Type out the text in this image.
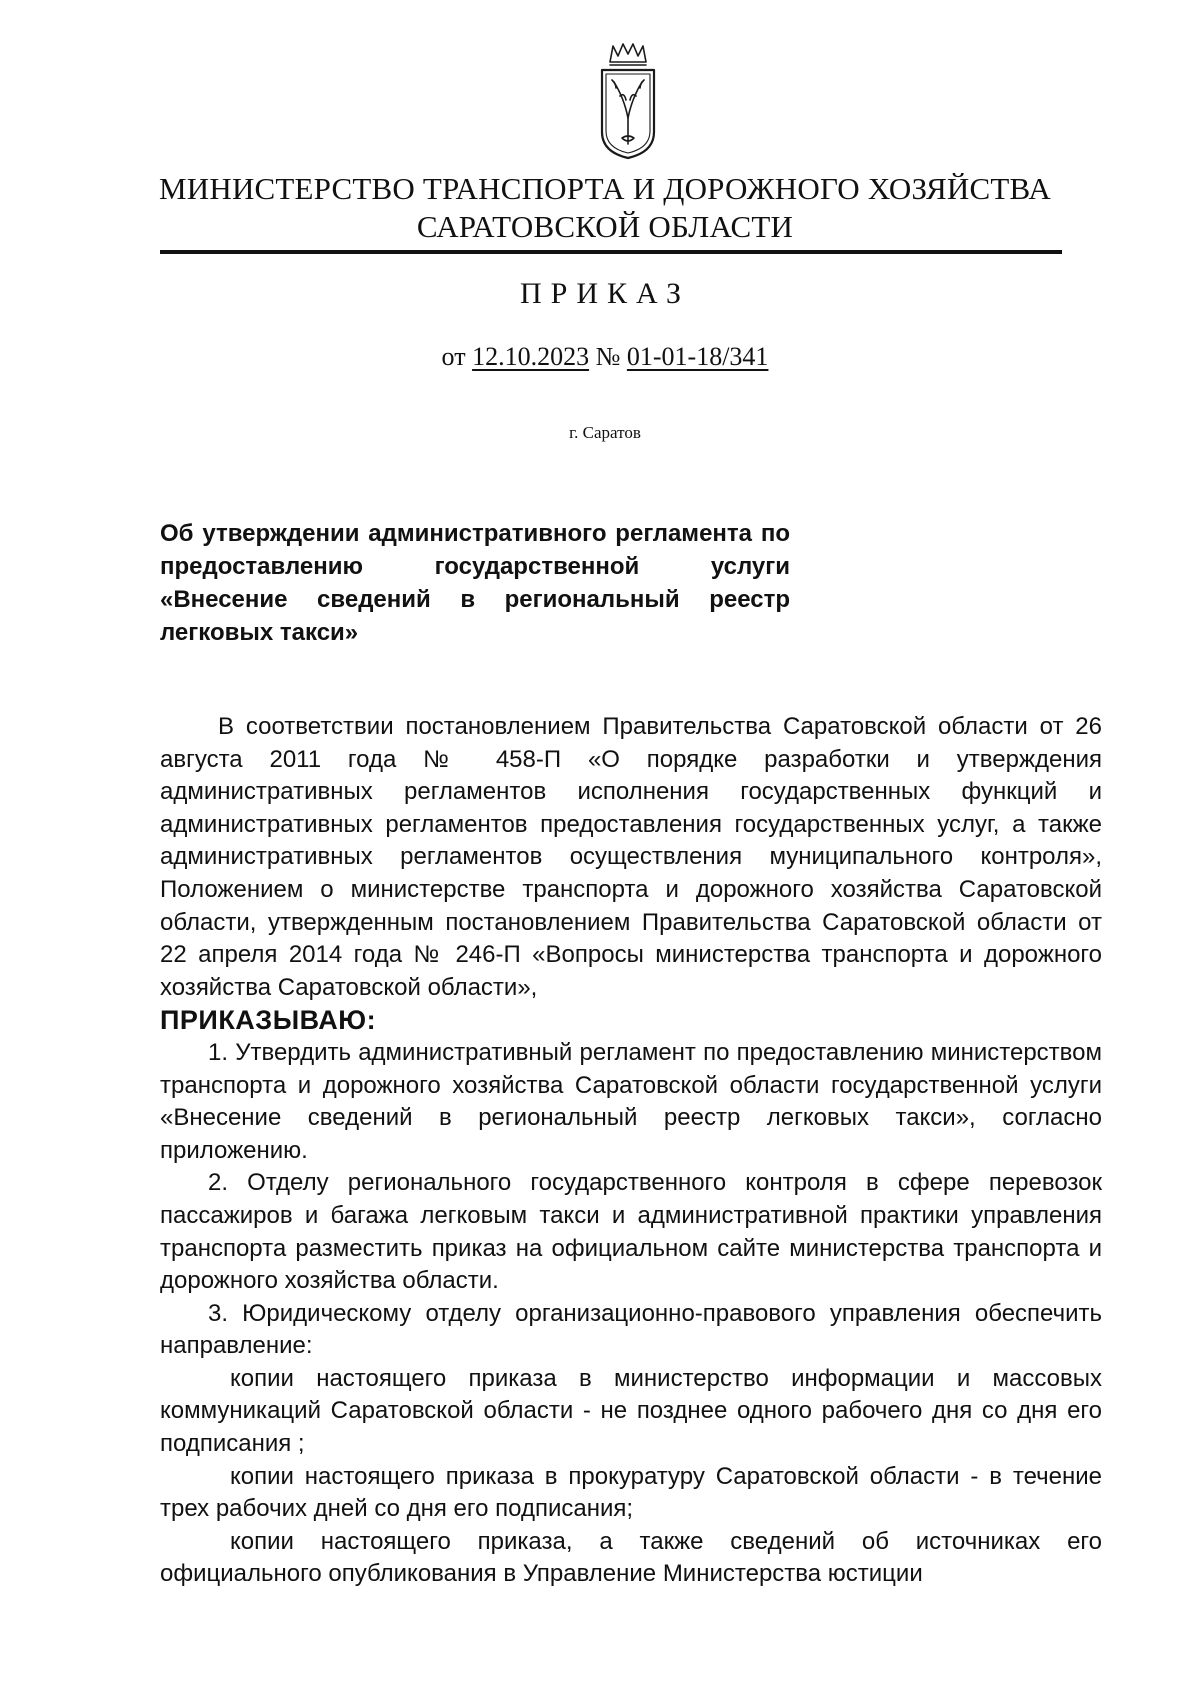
МИНИСТЕРСТВО ТРАНСПОРТА И ДОРОЖНОГО ХОЗЯЙСТВА
САРАТОВСКОЙ ОБЛАСТИ
ПРИКАЗ
от 12.10.2023 № 01-01-18/341
г. Саратов
Об утверждении административного регламента по предоставлению государственной услуги «Внесение сведений в региональный реестр легковых такси»

В соответствии постановлением Правительства Саратовской области от 26 августа 2011 года № 458-П «О порядке разработки и утверждения административных регламентов исполнения государственных функций и административных регламентов предоставления государственных услуг, а также административных регламентов осуществления муниципального контроля», Положением о министерстве транспорта и дорожного хозяйства Саратовской области, утвержденным постановлением Правительства Саратовской области от 22 апреля 2014 года № 246-П «Вопросы министерства транспорта и дорожного хозяйства Саратовской области»,

ПРИКАЗЫВАЮ:

1. Утвердить административный регламент по предоставлению министерством транспорта и дорожного хозяйства Саратовской области государственной услуги «Внесение сведений в региональный реестр легковых такси», согласно приложению.

2. Отделу регионального государственного контроля в сфере перевозок пассажиров и багажа легковым такси и административной практики управления транспорта разместить приказ на официальном сайте министерства транспорта и дорожного хозяйства области.

3. Юридическому отделу организационно-правового управления обеспечить направление:

копии настоящего приказа в министерство информации и массовых коммуникаций Саратовской области - не позднее одного рабочего дня со дня его подписания ;

копии настоящего приказа в прокуратуру Саратовской области - в течение трех рабочих дней со дня его подписания;

копии настоящего приказа, а также сведений об источниках его официального опубликования в Управление Министерства юстиции
